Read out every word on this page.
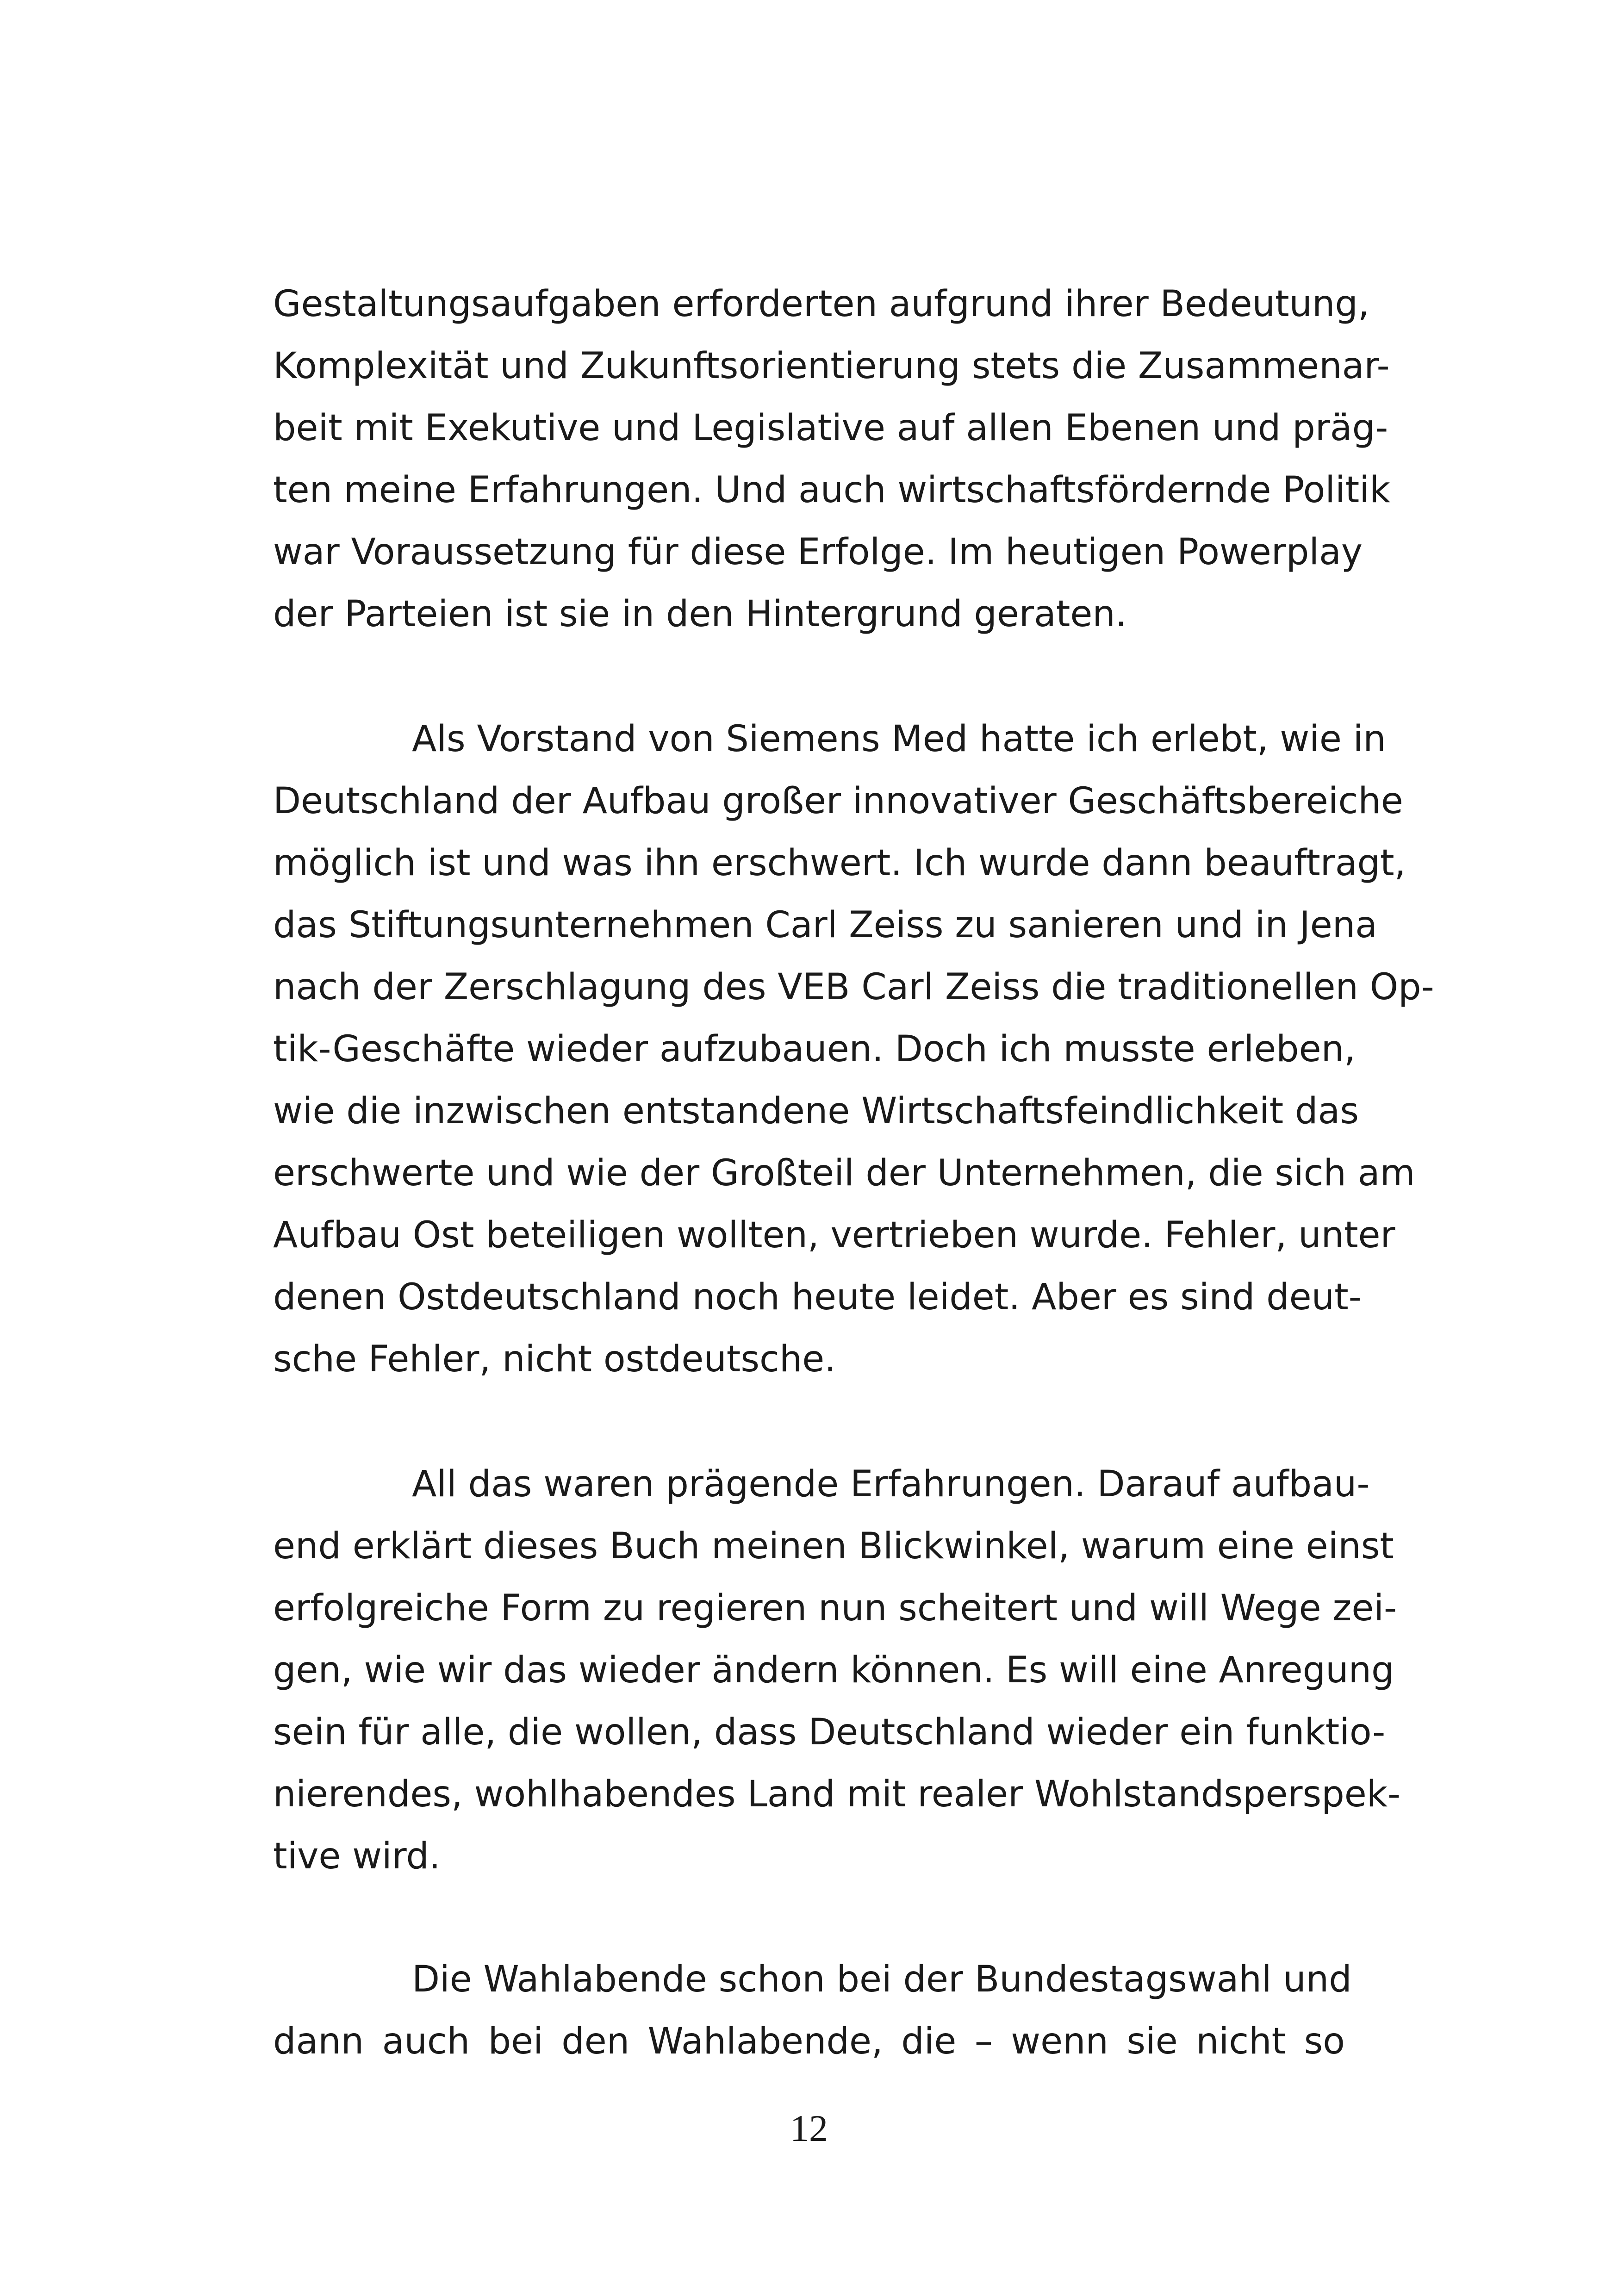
Gestaltungsaufgaben erforderten aufgrund ihrer Bedeutung,
Komplexität und Zukunftsorientierung stets die Zusammenar-
beit mit Exekutive und Legislative auf allen Ebenen und präg-
ten meine Erfahrungen. Und auch wirtschaftsfördernde Politik
war Voraussetzung für diese Erfolge. Im heutigen Powerplay
der Parteien ist sie in den Hintergrund geraten.
Als Vorstand von Siemens Med hatte ich erlebt, wie in
Deutschland der Aufbau großer innovativer Geschäftsbereiche
möglich ist und was ihn erschwert. Ich wurde dann beauftragt,
das Stiftungsunternehmen Carl Zeiss zu sanieren und in Jena
nach der Zerschlagung des VEB Carl Zeiss die traditionellen Op-
tik-Geschäfte wieder aufzubauen. Doch ich musste erleben,
wie die inzwischen entstandene Wirtschaftsfeindlichkeit das
erschwerte und wie der Großteil der Unternehmen, die sich am
Aufbau Ost beteiligen wollten, vertrieben wurde. Fehler, unter
denen Ostdeutschland noch heute leidet. Aber es sind deut-
sche Fehler, nicht ostdeutsche.
All das waren prägende Erfahrungen. Darauf aufbau-
end erklärt dieses Buch meinen Blickwinkel, warum eine einst
erfolgreiche Form zu regieren nun scheitert und will Wege zei-
gen, wie wir das wieder ändern können. Es will eine Anregung
sein für alle, die wollen, dass Deutschland wieder ein funktio-
nierendes, wohlhabendes Land mit realer Wohlstandsperspek-
tive wird.
Die Wahlabende schon bei der Bundestagswahl und
dann auch bei den Wahlabende, die – wenn sie nicht so
12
